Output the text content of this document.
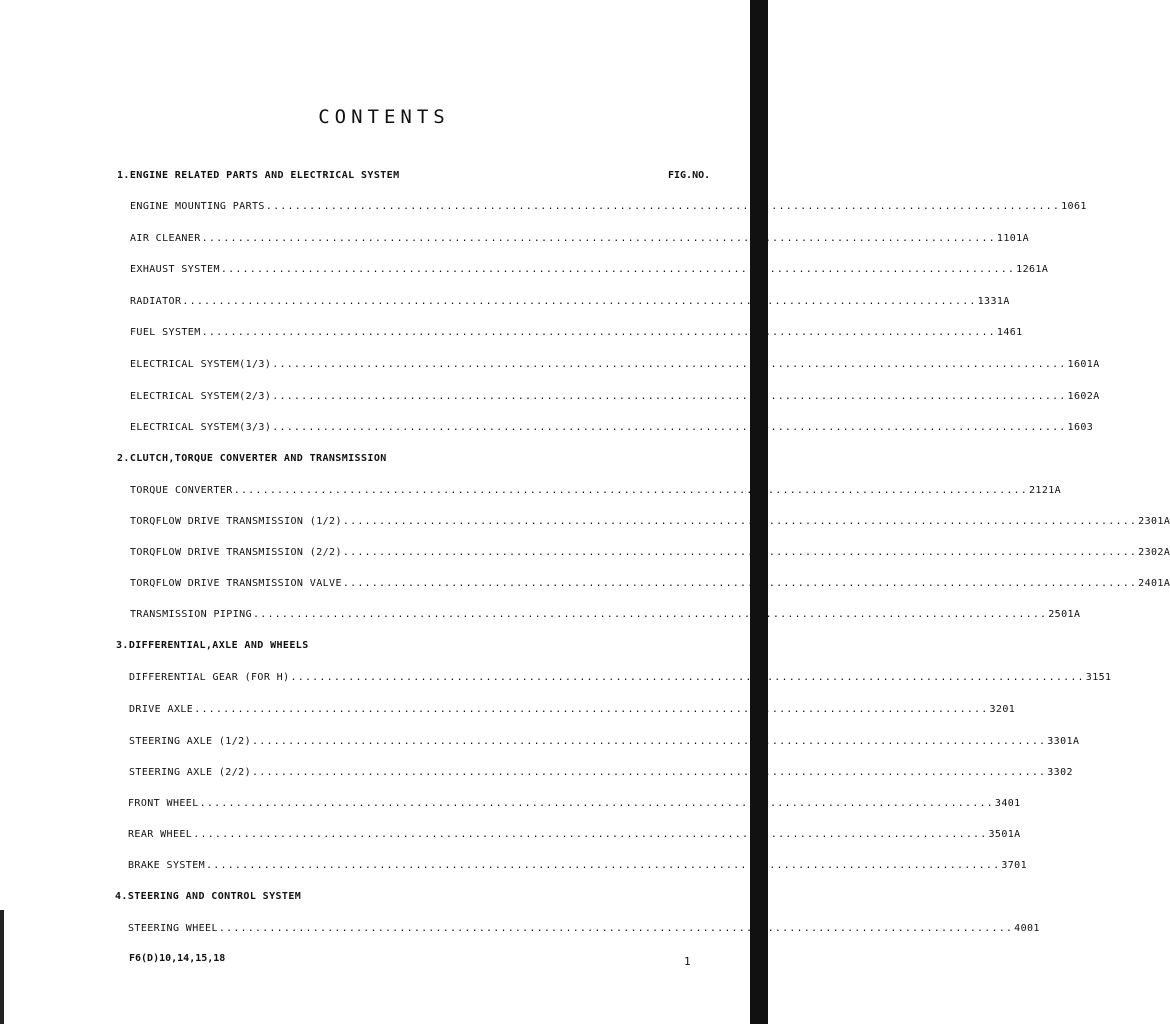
CONTENTS
FIG.NO.
1.ENGINE RELATED PARTS AND ELECTRICAL SYSTEM
ENGINE MOUNTING PARTS .............................................................................................................. 1061
AIR CLEANER .............................................................................................................. 1101A
EXHAUST SYSTEM .............................................................................................................. 1261A
RADIATOR .............................................................................................................. 1331A
FUEL SYSTEM .............................................................................................................. 1461
ELECTRICAL SYSTEM (1/3) .............................................................................................................. 1601A
ELECTRICAL SYSTEM (2/3) .............................................................................................................. 1602A
ELECTRICAL SYSTEM (3/3) .............................................................................................................. 1603
2.CLUTCH,TORQUE CONVERTER AND TRANSMISSION
TORQUE CONVERTER .............................................................................................................. 2121A
TORQFLOW DRIVE TRANSMISSION (1/2) .............................................................................................................. 2301A
TORQFLOW DRIVE TRANSMISSION (2/2) .............................................................................................................. 2302A
TORQFLOW DRIVE TRANSMISSION VALVE .............................................................................................................. 2401A
TRANSMISSION PIPING .............................................................................................................. 2501A
3.DIFFERENTIAL,AXLE AND WHEELS
DIFFERENTIAL GEAR (FOR H) .............................................................................................................. 3151
DRIVE AXLE .............................................................................................................. 3201
STEERING AXLE (1/2) .............................................................................................................. 3301A
STEERING AXLE (2/2) .............................................................................................................. 3302
FRONT WHEEL .............................................................................................................. 3401
REAR WHEEL .............................................................................................................. 3501A
BRAKE SYSTEM .............................................................................................................. 3701
4.STEERING AND CONTROL SYSTEM
STEERING WHEEL .............................................................................................................. 4001
F6(D)10,14,15,18	1
